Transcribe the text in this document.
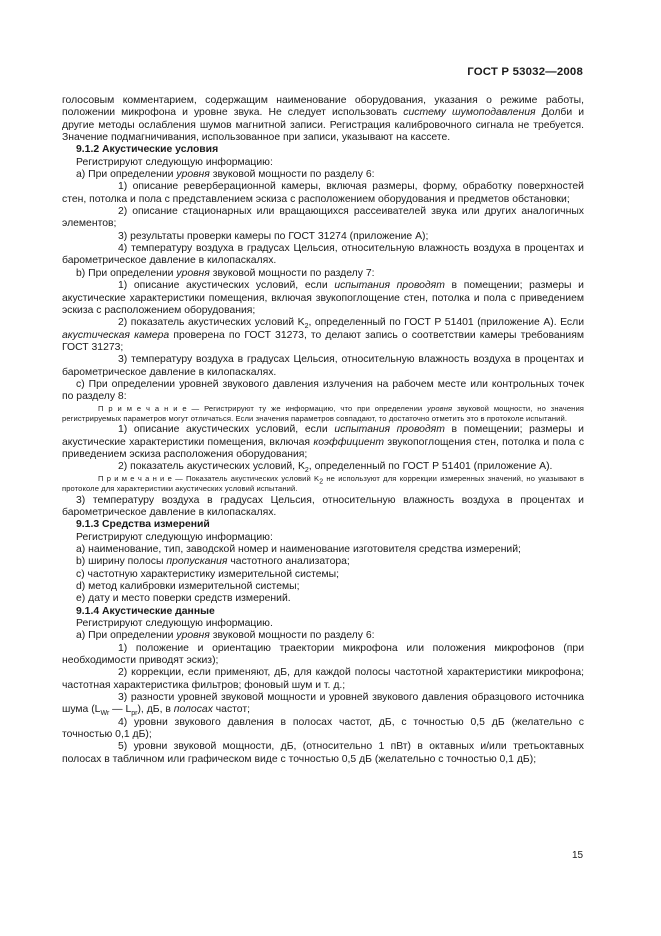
ГОСТ Р 53032—2008

голосовым комментарием, содержащим наименование оборудования, указания о режиме работы, положении микрофона и уровне звука. Не следует использовать систему шумоподавления Долби и другие методы ослабления шумов магнитной записи. Регистрация калибровочного сигнала не требуется. Значение подмагничивания, использованное при записи, указывают на кассете.

9.1.2 Акустические условия

Регистрируют следующую информацию:

а) При определении уровня звуковой мощности по разделу 6:

1) описание реверберационной камеры, включая размеры, форму, обработку поверхностей стен, потолка и пола с представлением эскиза с расположением оборудования и предметов обстановки;

2) описание стационарных или вращающихся рассеивателей звука или других аналогичных элементов;

3) результаты проверки камеры по ГОСТ 31274 (приложение А);

4) температуру воздуха в градусах Цельсия, относительную влажность воздуха в процентах и барометрическое давление в килопаскалях.

b) При определении уровня звуковой мощности по разделу 7:

1) описание акустических условий, если испытания проводят в помещении; размеры и акустические характеристики помещения, включая звукопоглощение стен, потолка и пола с приведением эскиза с расположением оборудования;

2) показатель акустических условий $K_2$, определенный по ГОСТ Р 51401 (приложение А). Если акустическая камера проверена по ГОСТ 31273, то делают запись о соответствии камеры требованиям ГОСТ 31273;

3) температуру воздуха в градусах Цельсия, относительную влажность воздуха в процентах и барометрическое давление в килопаскалях.

с) При определении уровней звукового давления излучения на рабочем месте или контрольных точек по разделу 8:

П р и м е ч а н и е — Регистрируют ту же информацию, что при определении уровня звуковой мощности, но значения регистрируемых параметров могут отличаться. Если значения параметров совпадают, то достаточно отметить это в протоколе испытаний.

1) описание акустических условий, если испытания проводят в помещении; размеры и акустические характеристики помещения, включая коэффициент звукопоглощения стен, потолка и пола с приведением эскиза расположения оборудования;

2) показатель акустических условий, $K_2$, определенный по ГОСТ Р 51401 (приложение А).

П р и м е ч а н и е — Показатель акустических условий $K_2$ не используют для коррекции измеренных значений, но указывают в протоколе для характеристики акустических условий испытаний.

3) температуру воздуха в градусах Цельсия, относительную влажность воздуха в процентах и барометрическое давление в килопаскалях.

9.1.3 Средства измерений

Регистрируют следующую информацию:

а) наименование, тип, заводской номер и наименование изготовителя средства измерений;

b) ширину полосы пропускания частотного анализатора;

с) частотную характеристику измерительной системы;

d) метод калибровки измерительной системы;

е) дату и место поверки средств измерений.

9.1.4 Акустические данные

Регистрируют следующую информацию.

а) При определении уровня звуковой мощности по разделу 6:

1) положение и ориентацию траектории микрофона или положения микрофонов (при необходимости приводят эскиз);

2) коррекции, если применяют, дБ, для каждой полосы частотной характеристики микрофона; частотная характеристика фильтров; фоновый шум и т. д.;

3) разности уровней звуковой мощности и уровней звукового давления образцового источника шума ($L_{Wr}$ — $L_{pr}$), дБ, в полосах частот;

4) уровни звукового давления в полосах частот, дБ, с точностью 0,5 дБ (желательно с точностью 0,1 дБ);

5) уровни звуковой мощности, дБ, (относительно 1 пВт) в октавных и/или третьоктавных полосах в табличном или графическом виде с точностью 0,5 дБ (желательно с точностью 0,1 дБ);

15
